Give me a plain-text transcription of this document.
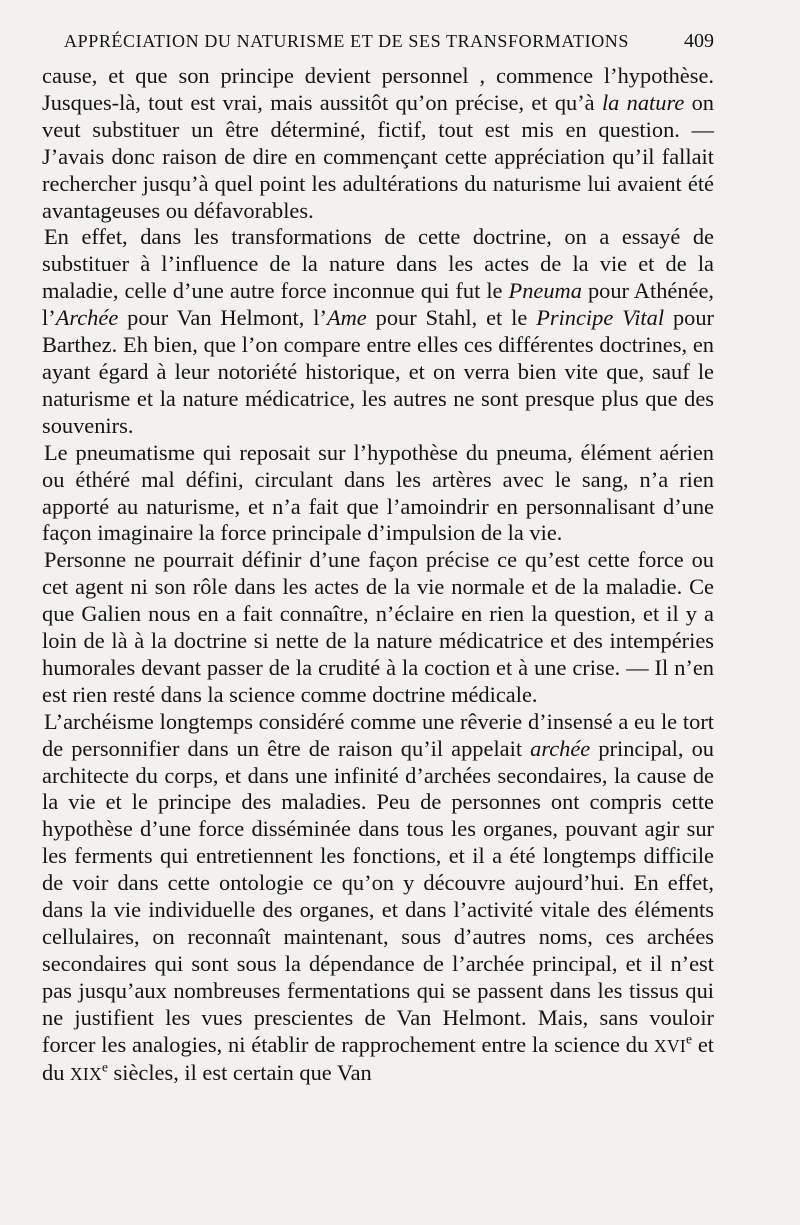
APPRÉCIATION DU NATURISME ET DE SES TRANSFORMATIONS	409

cause, et que son principe devient personnel , commence l’hypothèse. Jusques-là, tout est vrai, mais aussitôt qu’on précise, et qu’à la nature on veut substituer un être déterminé, fictif, tout est mis en question. — J’avais donc raison de dire en commençant cette appréciation qu’il fallait rechercher jusqu’à quel point les adultérations du naturisme lui avaient été avantageuses ou défavorables.

En effet, dans les transformations de cette doctrine, on a essayé de substituer à l’influence de la nature dans les actes de la vie et de la maladie, celle d’une autre force inconnue qui fut le Pneuma pour Athénée, l’Archée pour Van Helmont, l’Ame pour Stahl, et le Principe Vital pour Barthez. Eh bien, que l’on compare entre elles ces différentes doctrines, en ayant égard à leur notoriété historique, et on verra bien vite que, sauf le naturisme et la nature médicatrice, les autres ne sont presque plus que des souvenirs.

Le pneumatisme qui reposait sur l’hypothèse du pneuma, élément aérien ou éthéré mal défini, circulant dans les artères avec le sang, n’a rien apporté au naturisme, et n’a fait que l’amoindrir en personnalisant d’une façon imaginaire la force principale d’impulsion de la vie.

Personne ne pourrait définir d’une façon précise ce qu’est cette force ou cet agent ni son rôle dans les actes de la vie normale et de la maladie. Ce que Galien nous en a fait connaître, n’éclaire en rien la question, et il y a loin de là à la doctrine si nette de la nature médicatrice et des intempéries humorales devant passer de la crudité à la coction et à une crise. — Il n’en est rien resté dans la science comme doctrine médicale.

L’archéisme longtemps considéré comme une rêverie d’insensé a eu le tort de personnifier dans un être de raison qu’il appelait archée principal, ou architecte du corps, et dans une infinité d’archées secondaires, la cause de la vie et le principe des maladies. Peu de personnes ont compris cette hypothèse d’une force disséminée dans tous les organes, pouvant agir sur les ferments qui entretiennent les fonctions, et il a été longtemps difficile de voir dans cette ontologie ce qu’on y découvre aujourd’hui. En effet, dans la vie individuelle des organes, et dans l’activité vitale des éléments cellulaires, on reconnaît maintenant, sous d’autres noms, ces archées secondaires qui sont sous la dépendance de l’archée principal, et il n’est pas jusqu’aux nombreuses fermentations qui se passent dans les tissus qui ne justifient les vues prescientes de Van Helmont. Mais, sans vouloir forcer les analogies, ni établir de rapprochement entre la science du XVIe et du XIXe siècles, il est certain que Van
